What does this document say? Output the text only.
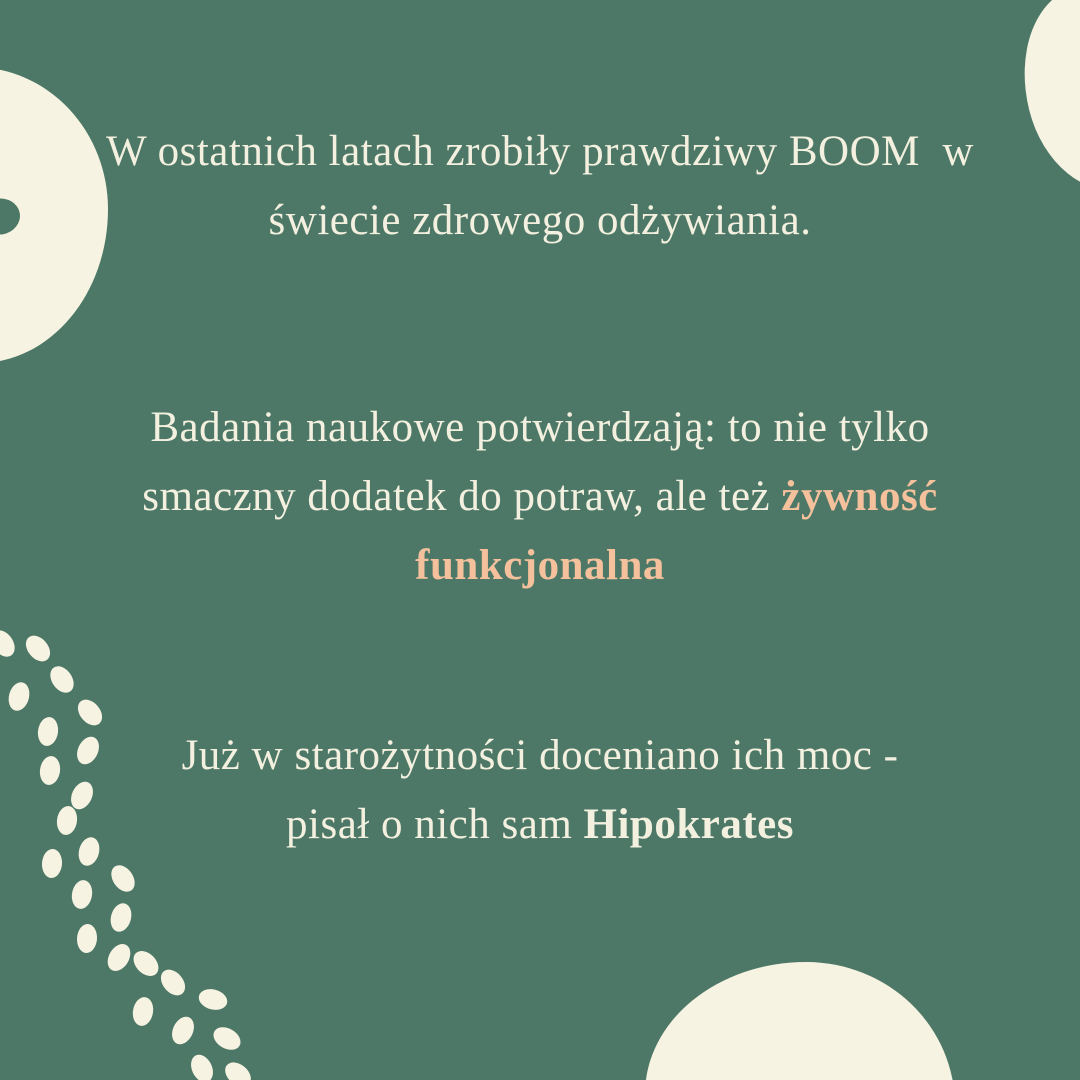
W ostatnich latach zrobiły prawdziwy BOOM  w
świecie zdrowego odżywiania.

Badania naukowe potwierdzają: to nie tylko
smaczny dodatek do potraw, ale też żywność
funkcjonalna

Już w starożytności doceniano ich moc -
pisał o nich sam Hipokrates
